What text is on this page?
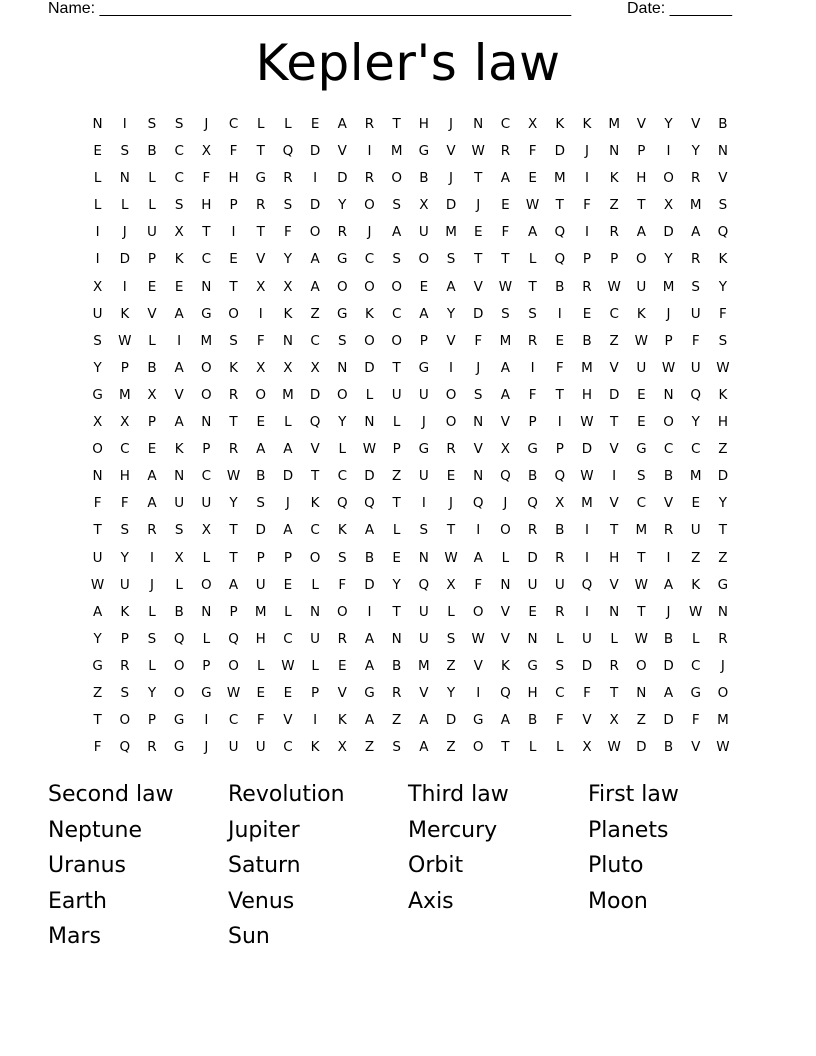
Name: _____________________________________________________	Date: _______
Kepler's law
N	I	S	S	J	C	L	L	E	A	R	T	H	J	N	C	X	K	K	M	V	Y	V	B
E	S	B	C	X	F	T	Q	D	V	I	M	G	V	W	R	F	D	J	N	P	I	Y	N
L	N	L	C	F	H	G	R	I	D	R	O	B	J	T	A	E	M	I	K	H	O	R	V
L	L	L	S	H	P	R	S	D	Y	O	S	X	D	J	E	W	T	F	Z	T	X	M	S
I	J	U	X	T	I	T	F	O	R	J	A	U	M	E	F	A	Q	I	R	A	D	A	Q
I	D	P	K	C	E	V	Y	A	G	C	S	O	S	T	T	L	Q	P	P	O	Y	R	K
X	I	E	E	N	T	X	X	A	O	O	O	E	A	V	W	T	B	R	W	U	M	S	Y
U	K	V	A	G	O	I	K	Z	G	K	C	A	Y	D	S	S	I	E	C	K	J	U	F
S	W	L	I	M	S	F	N	C	S	O	O	P	V	F	M	R	E	B	Z	W	P	F	S
Y	P	B	A	O	K	X	X	X	N	D	T	G	I	J	A	I	F	M	V	U	W	U	W
G	M	X	V	O	R	O	M	D	O	L	U	U	O	S	A	F	T	H	D	E	N	Q	K
X	X	P	A	N	T	E	L	Q	Y	N	L	J	O	N	V	P	I	W	T	E	O	Y	H
O	C	E	K	P	R	A	A	V	L	W	P	G	R	V	X	G	P	D	V	G	C	C	Z
N	H	A	N	C	W	B	D	T	C	D	Z	U	E	N	Q	B	Q	W	I	S	B	M	D
F	F	A	U	U	Y	S	J	K	Q	Q	T	I	J	Q	J	Q	X	M	V	C	V	E	Y
T	S	R	S	X	T	D	A	C	K	A	L	S	T	I	O	R	B	I	T	M	R	U	T
U	Y	I	X	L	T	P	P	O	S	B	E	N	W	A	L	D	R	I	H	T	I	Z	Z
W	U	J	L	O	A	U	E	L	F	D	Y	Q	X	F	N	U	U	Q	V	W	A	K	G
A	K	L	B	N	P	M	L	N	O	I	T	U	L	O	V	E	R	I	N	T	J	W	N
Y	P	S	Q	L	Q	H	C	U	R	A	N	U	S	W	V	N	L	U	L	W	B	L	R
G	R	L	O	P	O	L	W	L	E	A	B	M	Z	V	K	G	S	D	R	O	D	C	J
Z	S	Y	O	G	W	E	E	P	V	G	R	V	Y	I	Q	H	C	F	T	N	A	G	O
T	O	P	G	I	C	F	V	I	K	A	Z	A	D	G	A	B	F	V	X	Z	D	F	M
F	Q	R	G	J	U	U	C	K	X	Z	S	A	Z	O	T	L	L	X	W	D	B	V	W
Second law	Revolution	Third law	First law
Neptune	Jupiter	Mercury	Planets
Uranus	Saturn	Orbit	Pluto
Earth	Venus	Axis	Moon
Mars	Sun
